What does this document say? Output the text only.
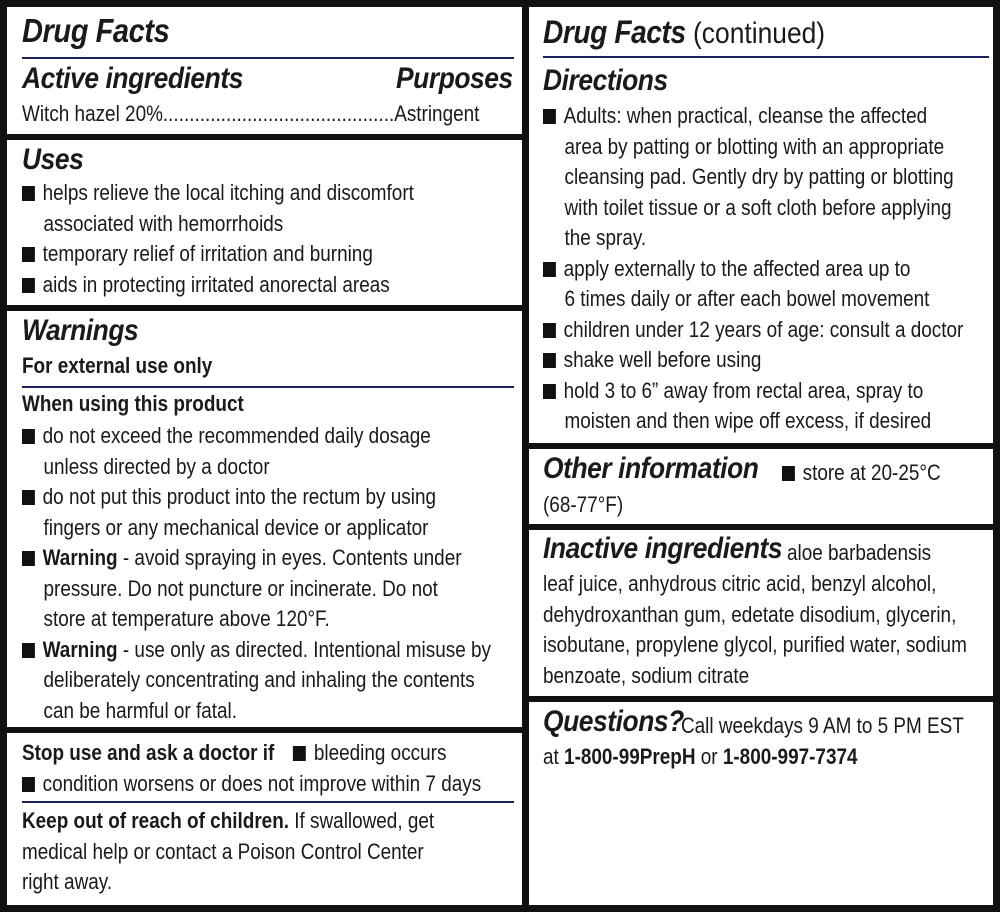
Drug Facts
Active ingredients	Purposes
Witch hazel 20%............................................Astringent
Uses
helps relieve the local itching and discomfort
associated with hemorrhoids
temporary relief of irritation and burning
aids in protecting irritated anorectal areas
Warnings
For external use only
When using this product
do not exceed the recommended daily dosage
unless directed by a doctor
do not put this product into the rectum by using
fingers or any mechanical device or applicator
Warning - avoid spraying in eyes. Contents under
pressure. Do not puncture or incinerate. Do not
store at temperature above 120°F.
Warning - use only as directed. Intentional misuse by
deliberately concentrating and inhaling the contents
can be harmful or fatal.
Stop use and ask a doctor if bleeding occurs
condition worsens or does not improve within 7 days
Keep out of reach of children. If swallowed, get
medical help or contact a Poison Control Center
right away.
Drug Facts (continued)
Directions
Adults: when practical, cleanse the affected
area by patting or blotting with an appropriate
cleansing pad. Gently dry by patting or blotting
with toilet tissue or a soft cloth before applying
the spray.
apply externally to the affected area up to
6 times daily or after each bowel movement
children under 12 years of age: consult a doctor
shake well before using
hold 3 to 6” away from rectal area, spray to
moisten and then wipe off excess, if desired
Other information	store at 20-25°C
(68-77°F)
Inactive ingredients aloe barbadensis
leaf juice, anhydrous citric acid, benzyl alcohol,
dehydroxanthan gum, edetate disodium, glycerin,
isobutane, propylene glycol, purified water, sodium
benzoate, sodium citrate
Questions?
Call weekdays 9 AM to 5 PM EST
at 1-800-99PrepH or 1-800-997-7374
